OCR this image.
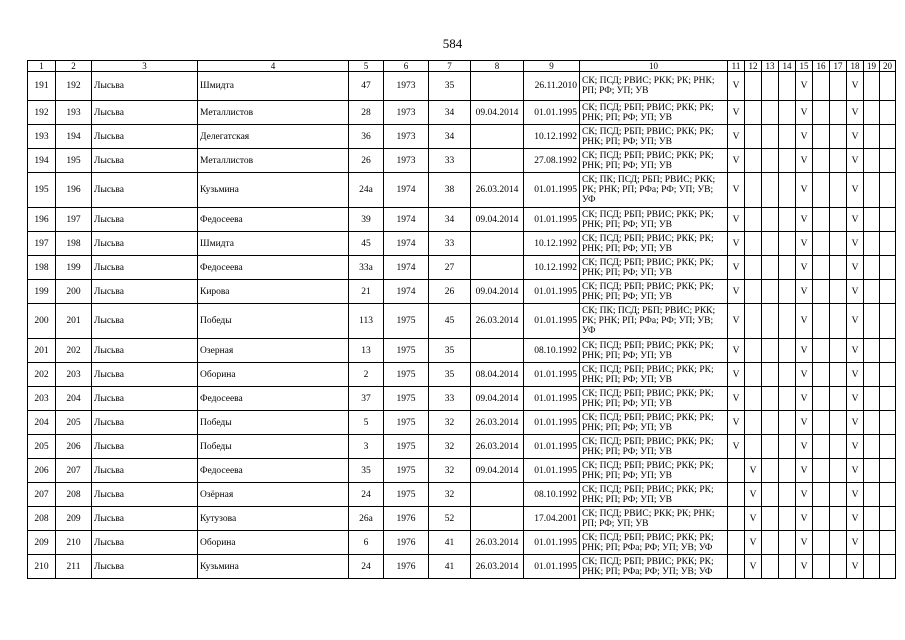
584
1	2	3	4	5	6	7	8	9	10	11	12	13	14	15	16	17	18	19	20
191	192	Лысьва	Шмидта	47	1973	35		26.11.2010	СК; ПСД; РВИС; РКК; РК; РНК; РП; РФ; УП; УВ	V				V			V		
192	193	Лысьва	Металлистов	28	1973	34	09.04.2014	01.01.1995	СК; ПСД; РБП; РВИС; РКК; РК; РНК; РП; РФ; УП; УВ	V				V			V		
193	194	Лысьва	Делегатская	36	1973	34		10.12.1992	СК; ПСД; РБП; РВИС; РКК; РК; РНК; РП; РФ; УП; УВ	V				V			V		
194	195	Лысьва	Металлистов	26	1973	33		27.08.1992	СК; ПСД; РБП; РВИС; РКК; РК; РНК; РП; РФ; УП; УВ	V				V			V		
195	196	Лысьва	Кузьмина	24а	1974	38	26.03.2014	01.01.1995	СК; ПК; ПСД; РБП; РВИС; РКК; РК; РНК; РП; РФа; РФ; УП; УВ; УФ	V				V			V		
196	197	Лысьва	Федосеева	39	1974	34	09.04.2014	01.01.1995	СК; ПСД; РБП; РВИС; РКК; РК; РНК; РП; РФ; УП; УВ	V				V			V		
197	198	Лысьва	Шмидта	45	1974	33		10.12.1992	СК; ПСД; РБП; РВИС; РКК; РК; РНК; РП; РФ; УП; УВ	V				V			V		
198	199	Лысьва	Федосеева	33а	1974	27		10.12.1992	СК; ПСД; РБП; РВИС; РКК; РК; РНК; РП; РФ; УП; УВ	V				V			V		
199	200	Лысьва	Кирова	21	1974	26	09.04.2014	01.01.1995	СК; ПСД; РБП; РВИС; РКК; РК; РНК; РП; РФ; УП; УВ	V				V			V		
200	201	Лысьва	Победы	113	1975	45	26.03.2014	01.01.1995	СК; ПК; ПСД; РБП; РВИС; РКК; РК; РНК; РП; РФа; РФ; УП; УВ; УФ	V				V			V		
201	202	Лысьва	Озерная	13	1975	35		08.10.1992	СК; ПСД; РБП; РВИС; РКК; РК; РНК; РП; РФ; УП; УВ	V				V			V		
202	203	Лысьва	Оборина	2	1975	35	08.04.2014	01.01.1995	СК; ПСД; РБП; РВИС; РКК; РК; РНК; РП; РФ; УП; УВ	V				V			V		
203	204	Лысьва	Федосеева	37	1975	33	09.04.2014	01.01.1995	СК; ПСД; РБП; РВИС; РКК; РК; РНК; РП; РФ; УП; УВ	V				V			V		
204	205	Лысьва	Победы	5	1975	32	26.03.2014	01.01.1995	СК; ПСД; РБП; РВИС; РКК; РК; РНК; РП; РФ; УП; УВ	V				V			V		
205	206	Лысьва	Победы	3	1975	32	26.03.2014	01.01.1995	СК; ПСД; РБП; РВИС; РКК; РК; РНК; РП; РФ; УП; УВ	V				V			V		
206	207	Лысьва	Федосеева	35	1975	32	09.04.2014	01.01.1995	СК; ПСД; РБП; РВИС; РКК; РК; РНК; РП; РФ; УП; УВ		V			V			V		
207	208	Лысьва	Озёрная	24	1975	32		08.10.1992	СК; ПСД; РБП; РВИС; РКК; РК; РНК; РП; РФ; УП; УВ		V			V			V		
208	209	Лысьва	Кутузова	26а	1976	52		17.04.2001	СК; ПСД; РВИС; РКК; РК; РНК; РП; РФ; УП; УВ		V			V			V		
209	210	Лысьва	Оборина	6	1976	41	26.03.2014	01.01.1995	СК; ПСД; РБП; РВИС; РКК; РК; РНК; РП; РФа; РФ; УП; УВ; УФ		V			V			V		
210	211	Лысьва	Кузьмина	24	1976	41	26.03.2014	01.01.1995	СК; ПСД; РБП; РВИС; РКК; РК; РНК; РП; РФа; РФ; УП; УВ; УФ		V			V			V		
